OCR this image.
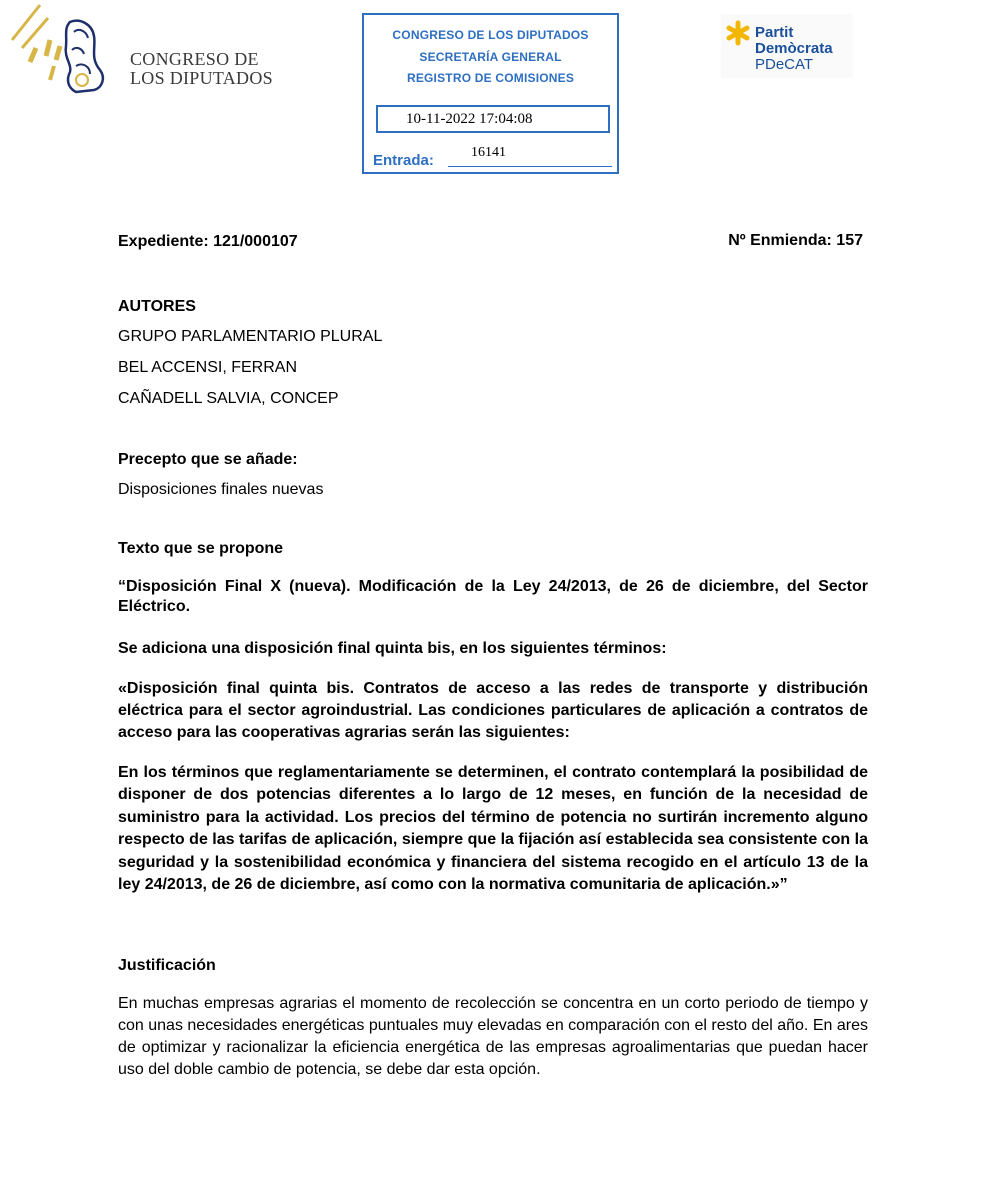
CONGRESO DE
LOS DIPUTADOS
CONGRESO DE LOS DIPUTADOS
SECRETARÍA GENERAL
REGISTRO DE COMISIONES
10-11-2022 17:04:08
Entrada:	16141
Partit
Demòcrata
PDeCAT
Expediente: 121/000107	Nº Enmienda: 157
AUTORES
GRUPO PARLAMENTARIO PLURAL
BEL ACCENSI, FERRAN
CAÑADELL SALVIA, CONCEP
Precepto que se añade:
Disposiciones finales nuevas
Texto que se propone
“Disposición Final X (nueva). Modificación de la Ley 24/2013, de 26 de diciembre, del Sector Eléctrico.
Se adiciona una disposición final quinta bis, en los siguientes términos:
«Disposición final quinta bis. Contratos de acceso a las redes de transporte y distribución eléctrica para el sector agroindustrial. Las condiciones particulares de aplicación a contratos de acceso para las cooperativas agrarias serán las siguientes:
En los términos que reglamentariamente se determinen, el contrato contemplará la posibilidad de disponer de dos potencias diferentes a lo largo de 12 meses, en función de la necesidad de suministro para la actividad. Los precios del término de potencia no surtirán incremento alguno respecto de las tarifas de aplicación, siempre que la fijación así establecida sea consistente con la seguridad y la sostenibilidad económica y financiera del sistema recogido en el artículo 13 de la ley 24/2013, de 26 de diciembre, así como con la normativa comunitaria de aplicación.»”
Justificación
En muchas empresas agrarias el momento de recolección se concentra en un corto periodo de tiempo y con unas necesidades energéticas puntuales muy elevadas en comparación con el resto del año. En ares de optimizar y racionalizar la eficiencia energética de las empresas agroalimentarias que puedan hacer uso del doble cambio de potencia, se debe dar esta opción.
